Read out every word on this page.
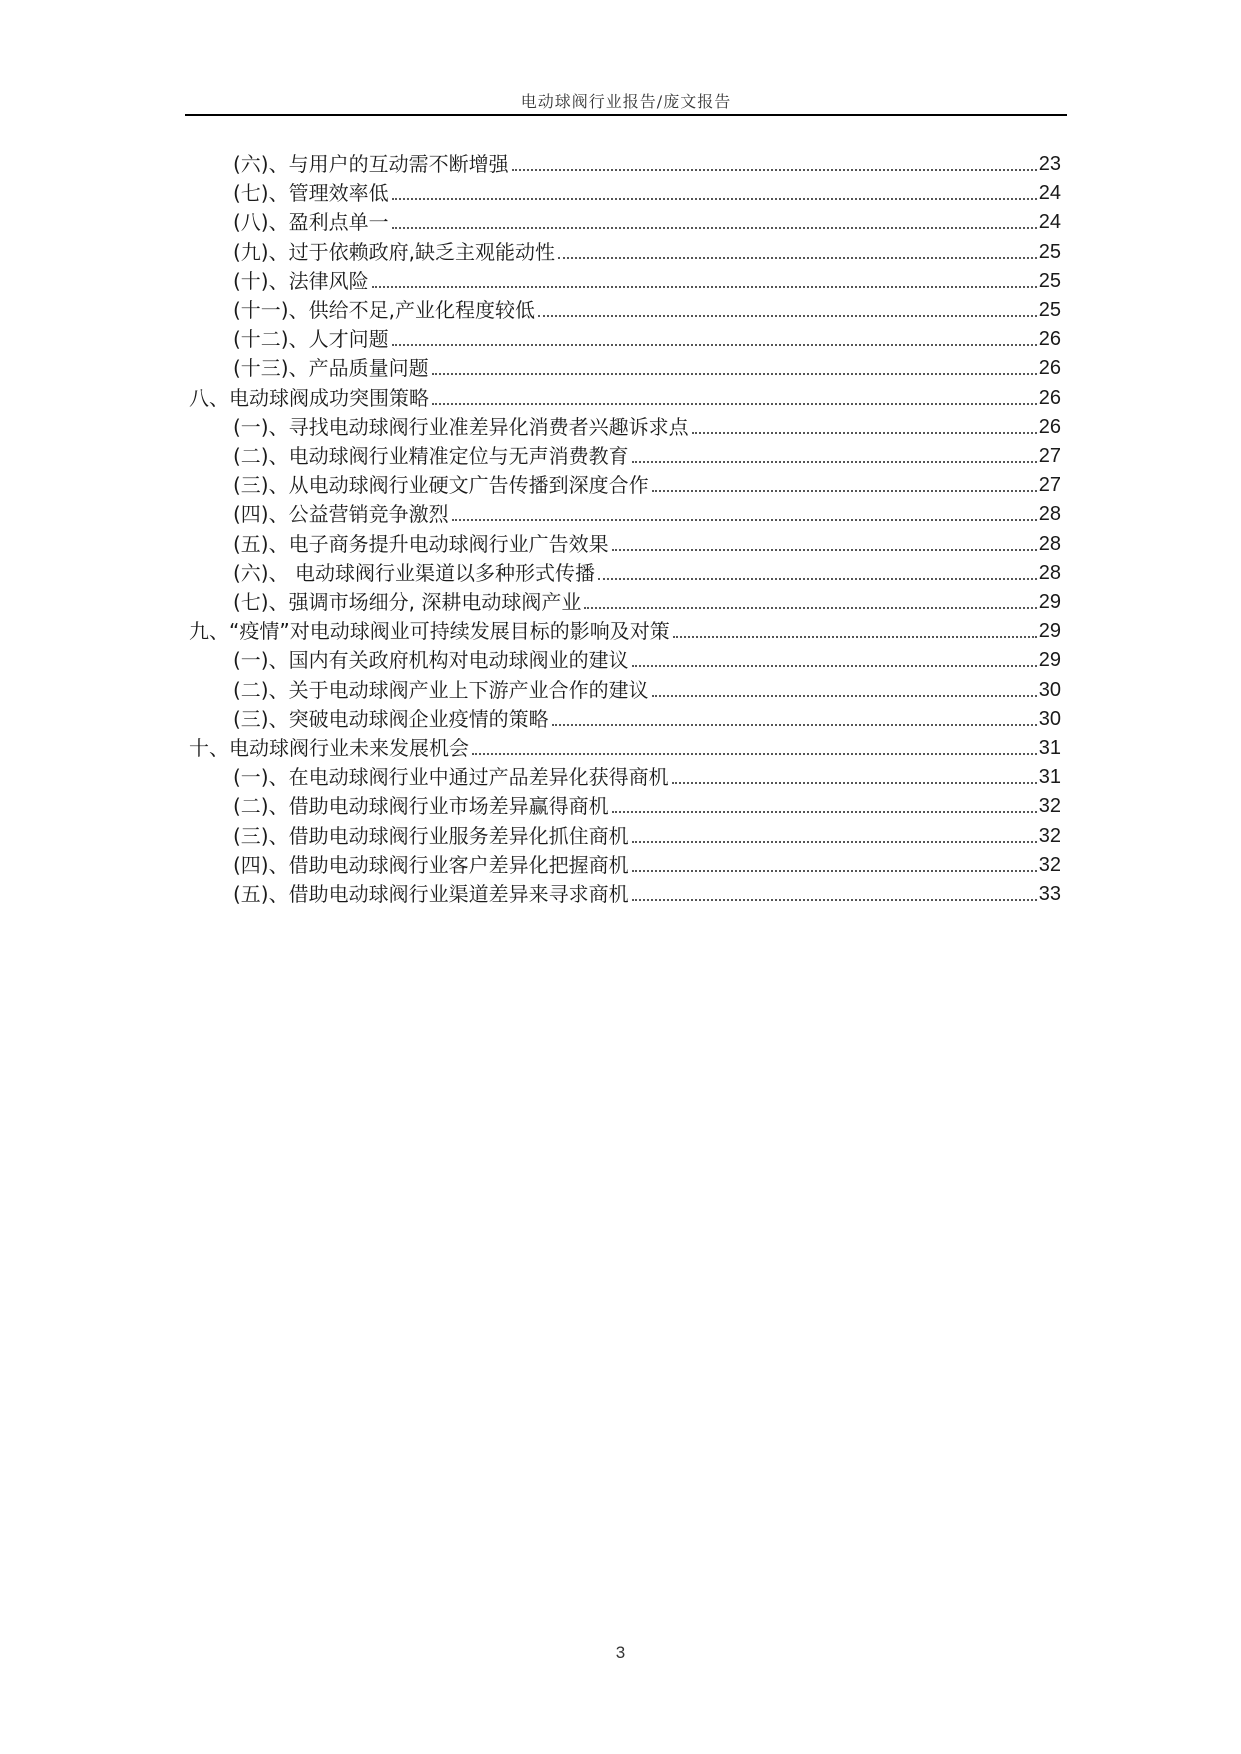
电动球阀行业报告/庞文报告
(六)、与用户的互动需不断增强	23
(七)、管理效率低	24
(八)、盈利点单一	24
(九)、过于依赖政府,缺乏主观能动性	25
(十)、法律风险	25
(十一)、供给不足,产业化程度较低	25
(十二)、人才问题	26
(十三)、产品质量问题	26
八、电动球阀成功突围策略	26
(一)、寻找电动球阀行业准差异化消费者兴趣诉求点	26
(二)、电动球阀行业精准定位与无声消费教育	27
(三)、从电动球阀行业硬文广告传播到深度合作	27
(四)、公益营销竞争激烈	28
(五)、电子商务提升电动球阀行业广告效果	28
(六)、 电动球阀行业渠道以多种形式传播	28
(七)、强调市场细分, 深耕电动球阀产业	29
九、“疫情”对电动球阀业可持续发展目标的影响及对策	29
(一)、国内有关政府机构对电动球阀业的建议	29
(二)、关于电动球阀产业上下游产业合作的建议	30
(三)、突破电动球阀企业疫情的策略	30
十、电动球阀行业未来发展机会	31
(一)、在电动球阀行业中通过产品差异化获得商机	31
(二)、借助电动球阀行业市场差异赢得商机	32
(三)、借助电动球阀行业服务差异化抓住商机	32
(四)、借助电动球阀行业客户差异化把握商机	32
(五)、借助电动球阀行业渠道差异来寻求商机	33
3
